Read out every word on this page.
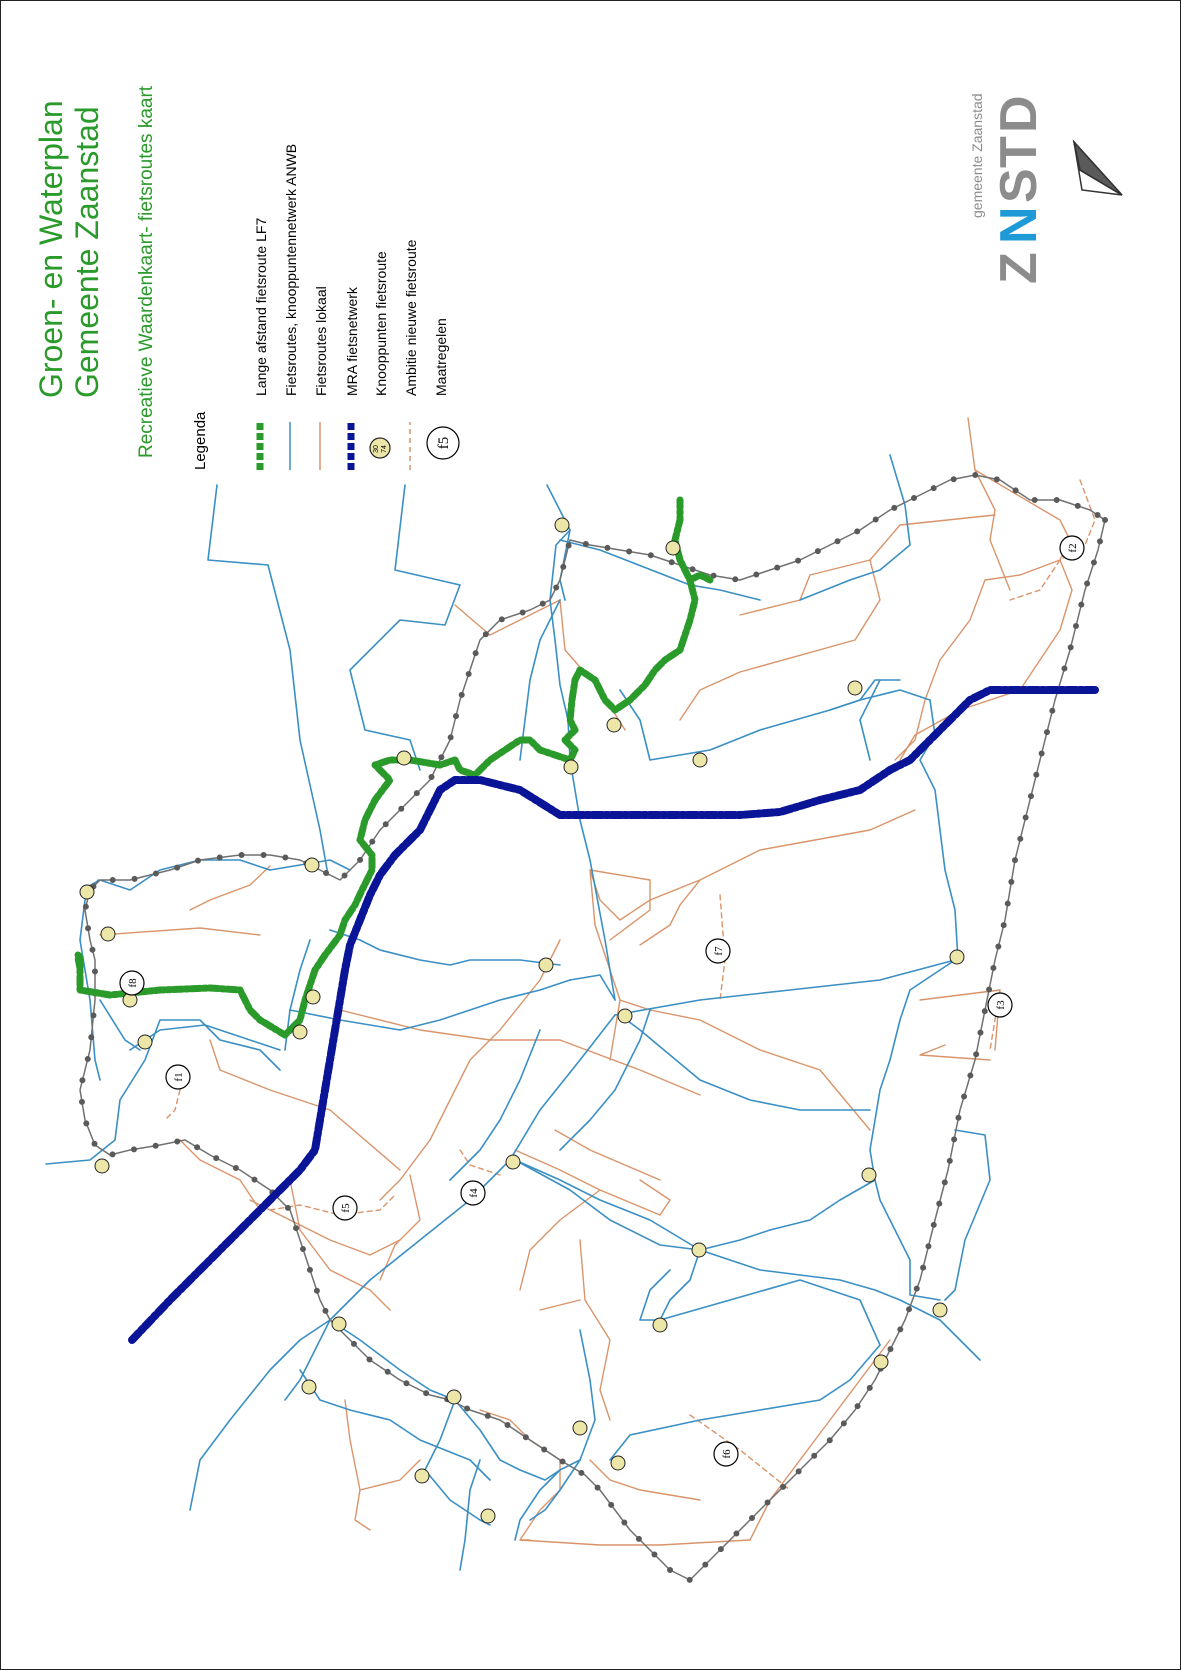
Groen- en Waterplan Gemeente Zaanstad Recreatieve Waardenkaart- fietsroutes kaart Legenda	30 74	f5
Lange afstand fietsroute LF7 Fietsroutes, knooppuntennetwerk ANWB Fietsroutes lokaal MRA fietsnetwerk Knooppunten fietsroute Ambitie nieuwe fietsroute Maatregelen
gemeente Zaanstad
Z
N
S
T
D
f1
f2
f3
f4
f5
f6
f7
f8
